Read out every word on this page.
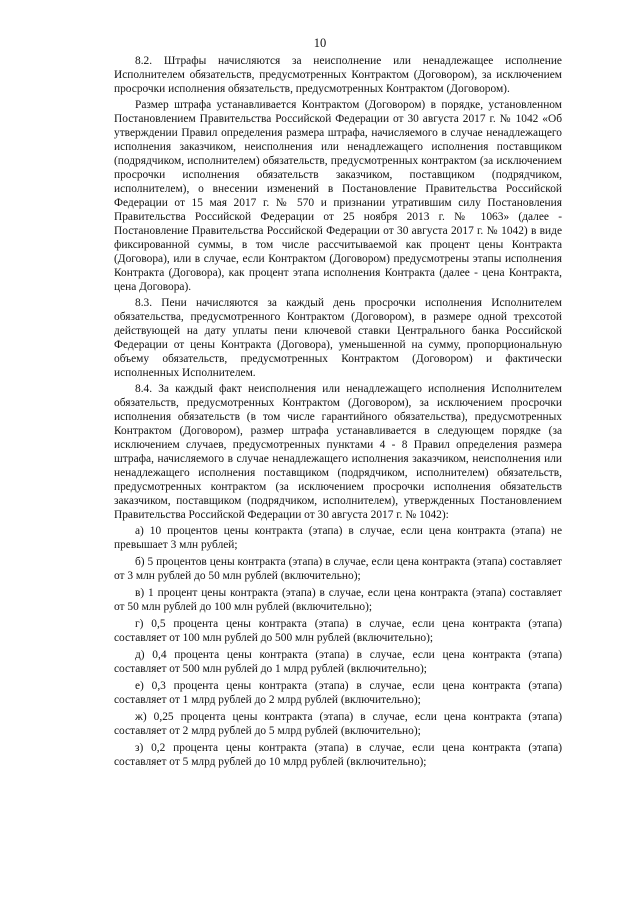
10

8.2. Штрафы начисляются за неисполнение или ненадлежащее исполнение Исполнителем обязательств, предусмотренных Контрактом (Договором), за исключением просрочки исполнения обязательств, предусмотренных Контрактом (Договором).

Размер штрафа устанавливается Контрактом (Договором) в порядке, установленном Постановлением Правительства Российской Федерации от 30 августа 2017 г. № 1042 «Об утверждении Правил определения размера штрафа, начисляемого в случае ненадлежащего исполнения заказчиком, неисполнения или ненадлежащего исполнения поставщиком (подрядчиком, исполнителем) обязательств, предусмотренных контрактом (за исключением просрочки исполнения обязательств заказчиком, поставщиком (подрядчиком, исполнителем), о внесении изменений в Постановление Правительства Российской Федерации от 15 мая 2017 г. № 570 и признании утратившим силу Постановления Правительства Российской Федерации от 25 ноября 2013 г. № 1063» (далее - Постановление Правительства Российской Федерации от 30 августа 2017 г. № 1042) в виде фиксированной суммы, в том числе рассчитываемой как процент цены Контракта (Договора), или в случае, если Контрактом (Договором) предусмотрены этапы исполнения Контракта (Договора), как процент этапа исполнения Контракта (далее - цена Контракта, цена Договора).

8.3. Пени начисляются за каждый день просрочки исполнения Исполнителем обязательства, предусмотренного Контрактом (Договором), в размере одной трехсотой действующей на дату уплаты пени ключевой ставки Центрального банка Российской Федерации от цены Контракта (Договора), уменьшенной на сумму, пропорциональную объему обязательств, предусмотренных Контрактом (Договором) и фактически исполненных Исполнителем.

8.4. За каждый факт неисполнения или ненадлежащего исполнения Исполнителем обязательств, предусмотренных Контрактом (Договором), за исключением просрочки исполнения обязательств (в том числе гарантийного обязательства), предусмотренных Контрактом (Договором), размер штрафа устанавливается в следующем порядке (за исключением случаев, предусмотренных пунктами 4 - 8 Правил определения размера штрафа, начисляемого в случае ненадлежащего исполнения заказчиком, неисполнения или ненадлежащего исполнения поставщиком (подрядчиком, исполнителем) обязательств, предусмотренных контрактом (за исключением просрочки исполнения обязательств заказчиком, поставщиком (подрядчиком, исполнителем), утвержденных Постановлением Правительства Российской Федерации от 30 августа 2017 г. № 1042):

а) 10 процентов цены контракта (этапа) в случае, если цена контракта (этапа) не превышает 3 млн рублей;

б) 5 процентов цены контракта (этапа) в случае, если цена контракта (этапа) составляет от 3 млн рублей до 50 млн рублей (включительно);

в) 1 процент цены контракта (этапа) в случае, если цена контракта (этапа) составляет от 50 млн рублей до 100 млн рублей (включительно);

г) 0,5 процента цены контракта (этапа) в случае, если цена контракта (этапа) составляет от 100 млн рублей до 500 млн рублей (включительно);

д) 0,4 процента цены контракта (этапа) в случае, если цена контракта (этапа) составляет от 500 млн рублей до 1 млрд рублей (включительно);

е) 0,3 процента цены контракта (этапа) в случае, если цена контракта (этапа) составляет от 1 млрд рублей до 2 млрд рублей (включительно);

ж) 0,25 процента цены контракта (этапа) в случае, если цена контракта (этапа) составляет от 2 млрд рублей до 5 млрд рублей (включительно);

з) 0,2 процента цены контракта (этапа) в случае, если цена контракта (этапа) составляет от 5 млрд рублей до 10 млрд рублей (включительно);
